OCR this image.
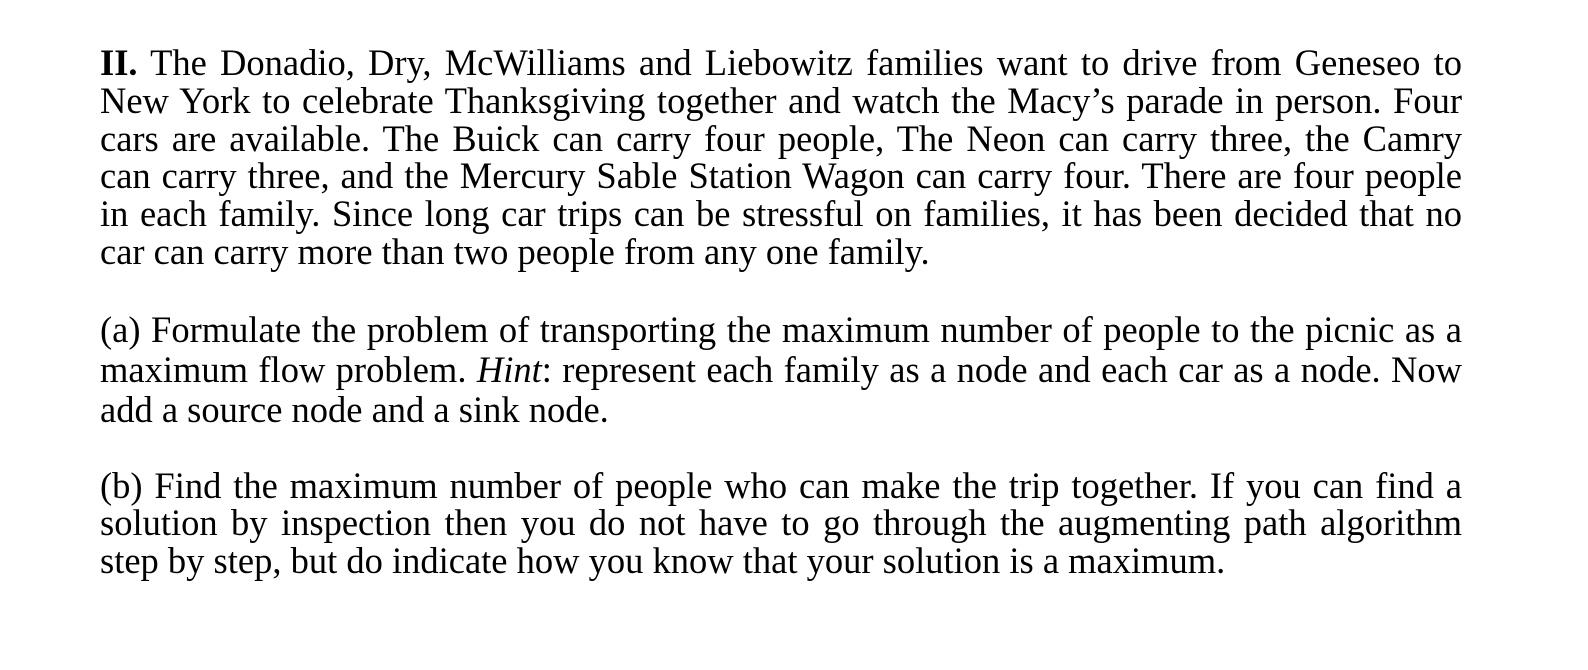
II. The Donadio, Dry, McWilliams and Liebowitz families want to drive from Geneseo to New York to celebrate Thanksgiving together and watch the Macy’s parade in person. Four cars are available. The Buick can carry four people, The Neon can carry three, the Camry can carry three, and the Mercury Sable Station Wagon can carry four. There are four people in each family. Since long car trips can be stressful on families, it has been decided that no car can carry more than two people from any one family.

(a) Formulate the problem of transporting the maximum number of people to the picnic as a maximum flow problem. Hint: represent each family as a node and each car as a node. Now add a source node and a sink node.

(b) Find the maximum number of people who can make the trip together. If you can find a solution by inspection then you do not have to go through the augmenting path algorithm step by step, but do indicate how you know that your solution is a maximum.
